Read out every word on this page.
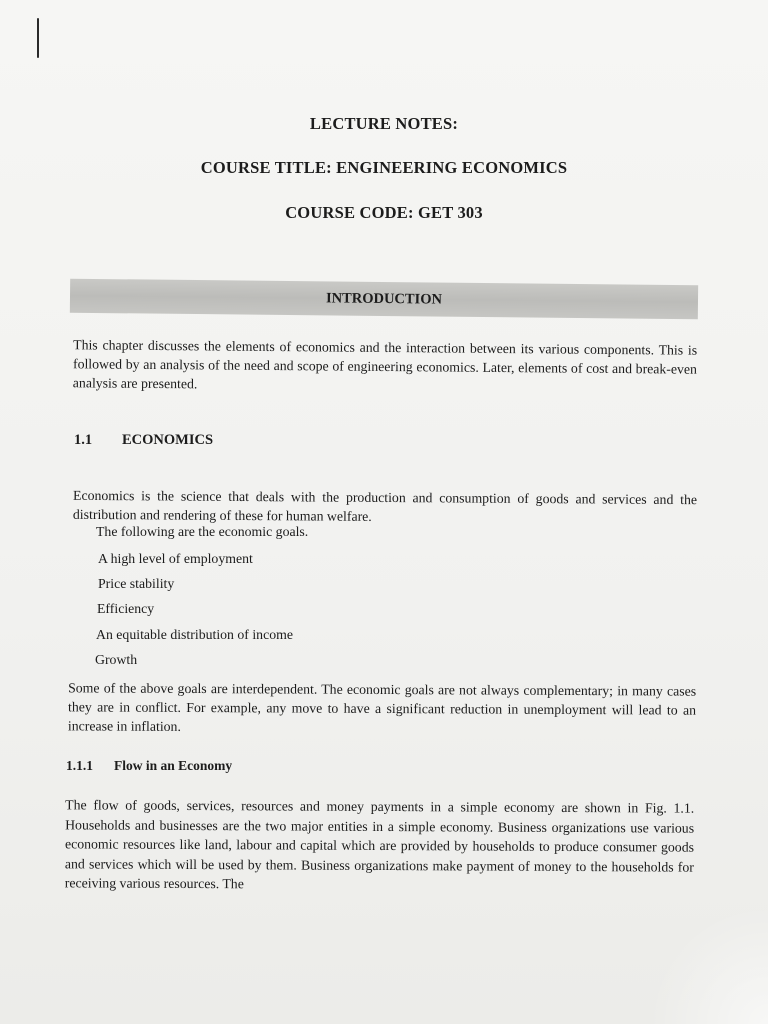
LECTURE NOTES:
COURSE TITLE: ENGINEERING ECONOMICS
COURSE CODE: GET 303
INTRODUCTION
This chapter discusses the elements of economics and the interaction between its various components. This is followed by an analysis of the need and scope of engineering economics. Later, elements of cost and break-even analysis are presented.
1.1 ECONOMICS
Economics is the science that deals with the production and consumption of goods and services and the distribution and rendering of these for human welfare.
The following are the economic goals.
A high level of employment
Price stability
Efficiency
An equitable distribution of income
Growth
Some of the above goals are interdependent. The economic goals are not always complementary; in many cases they are in conflict. For example, any move to have a significant reduction in unemployment will lead to an increase in inflation.
1.1.1 Flow in an Economy
The flow of goods, services, resources and money payments in a simple economy are shown in Fig. 1.1. Households and businesses are the two major entities in a simple economy. Business organizations use various economic resources like land, labour and capital which are provided by households to produce consumer goods and services which will be used by them. Business organizations make payment of money to the households for receiving various resources. The
